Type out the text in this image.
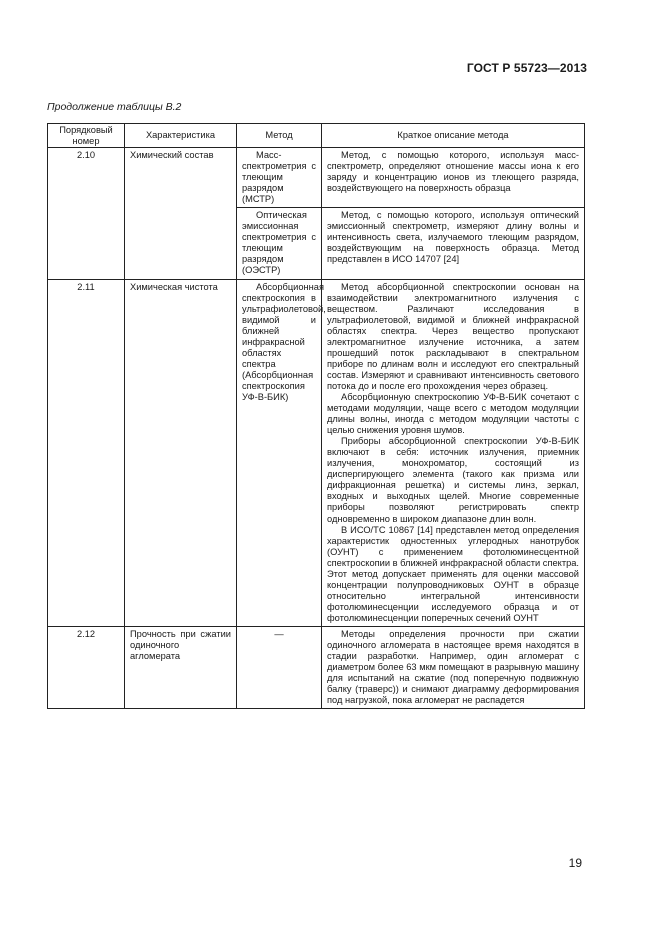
ГОСТ Р 55723—2013
Продолжение таблицы В.2
Порядковый номер	Характеристика	Метод	Краткое описание метода
2.10	Химический состав	Масс-спектрометрия с тлеющим разрядом (МСТР)	Метод, с помощью которого, используя масс-спектрометр, определяют отношение массы иона к его заряду и концентрацию ионов из тлеющего разряда, воздействующего на поверхность образца

		Оптическая эмиссионная спектрометрия с тлеющим разрядом (ОЭСТР)	Метод, с помощью которого, используя оптический эмиссионный спектрометр, измеряют длину волны и интенсивность света, излучаемого тлеющим разрядом, воздействующим на поверхность образца. Метод представлен в ИСО 14707 [24]

2.11	Химическая чистота	Абсорбционная спектроскопия в ультрафиолетовой, видимой и ближней инфракрасной областях спектра (Абсорбционная спектроскопия УФ-В-БИК)	Метод абсорбционной спектроскопии основан на взаимодействии электромагнитного излучения с веществом. Различают исследования в ультрафиолетовой, видимой и ближней инфракрасной областях спектра. Через вещество пропускают электромагнитное излучение источника, а затем прошедший поток раскладывают в спектральном приборе по длинам волн и исследуют его спектральный состав. Измеряют и сравнивают интенсивность светового потока до и после его прохождения через образец.

Абсорбционную спектроскопию УФ-В-БИК сочетают с методами модуляции, чаще всего с методом модуляции длины волны, иногда с методом модуляции частоты с целью снижения уровня шумов.

Приборы абсорбционной спектроскопии УФ-В-БИК включают в себя: источник излучения, приемник излучения, монохроматор, состоящий из диспергирующего элемента (такого как призма или дифракционная решетка) и системы линз, зеркал, входных и выходных щелей. Многие современные приборы позволяют регистрировать спектр одновременно в широком диапазоне длин волн.

В ИСО/ТС 10867 [14] представлен метод определения характеристик одностенных углеродных нанотрубок (ОУНТ) с применением фотолюминесцентной спектроскопии в ближней инфракрасной области спектра. Этот метод допускает применять для оценки массовой концентрации полупроводниковых ОУНТ в образце относительно интегральной интенсивности фотолюминесценции исследуемого образца и от фотолюминесценции поперечных сечений ОУНТ

2.12	Прочность при сжатии одиночного агломерата	—	Методы определения прочности при сжатии одиночного агломерата в настоящее время находятся в стадии разработки. Например, один агломерат с диаметром более 63 мкм помещают в разрывную машину для испытаний на сжатие (под поперечную подвижную балку (траверс)) и снимают диаграмму деформирования под нагрузкой, пока агломерат не распадется

19
